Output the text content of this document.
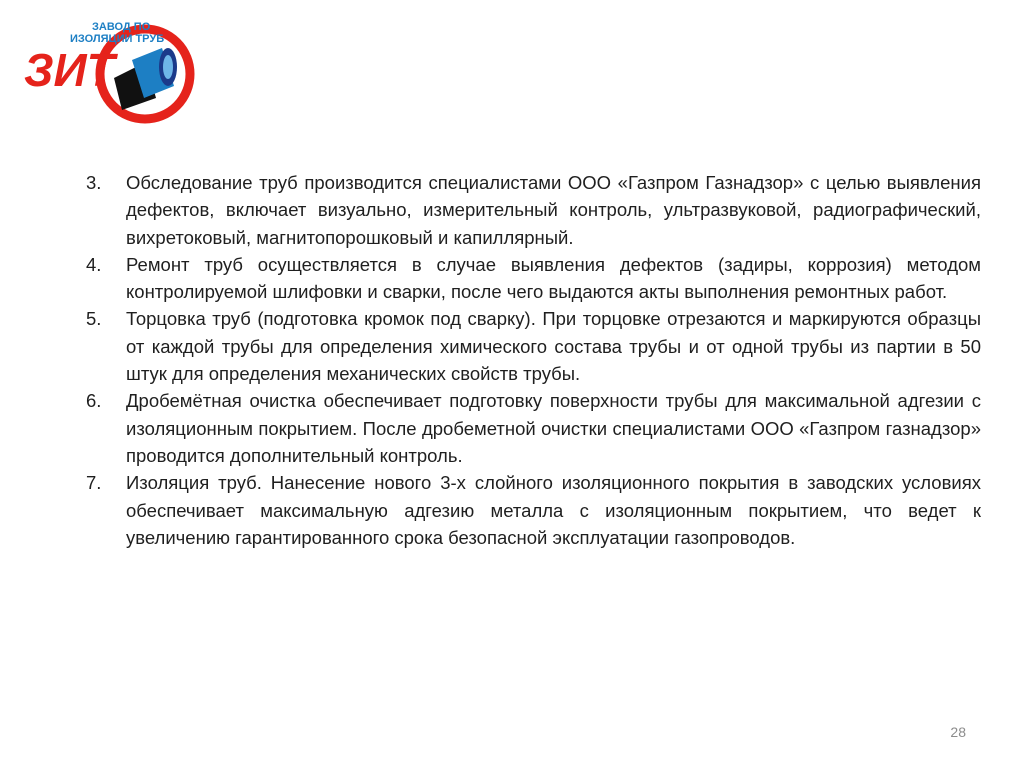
ЗАВОД ПО
ИЗОЛЯЦИИ ТРУБ
ЗИТ
3.	Обследование труб производится специалистами ООО «Газпром Газнадзор» с целью выявления дефектов, включает визуально, измерительный контроль, ультразвуковой, радиографический, вихретоковый, магнитопорошковый и капиллярный.
4.	Ремонт труб осуществляется в случае выявления дефектов (задиры, коррозия) методом контролируемой шлифовки и сварки, после чего выдаются акты выполнения ремонтных работ.
5.	Торцовка труб (подготовка кромок под сварку). При торцовке отрезаются и маркируются образцы от каждой трубы для определения химического состава трубы и от одной трубы из партии в 50 штук для определения механических свойств трубы.
6.	Дробемётная очистка обеспечивает подготовку поверхности трубы для максимальной адгезии с изоляционным покрытием. После дробеметной очистки специалистами ООО «Газпром газнадзор» проводится дополнительный контроль.
7.	Изоляция труб. Нанесение нового 3-х слойного изоляционного покрытия в заводских условиях обеспечивает максимальную адгезию металла с изоляционным покрытием, что ведет к увеличению гарантированного срока безопасной эксплуатации газопроводов.
28
